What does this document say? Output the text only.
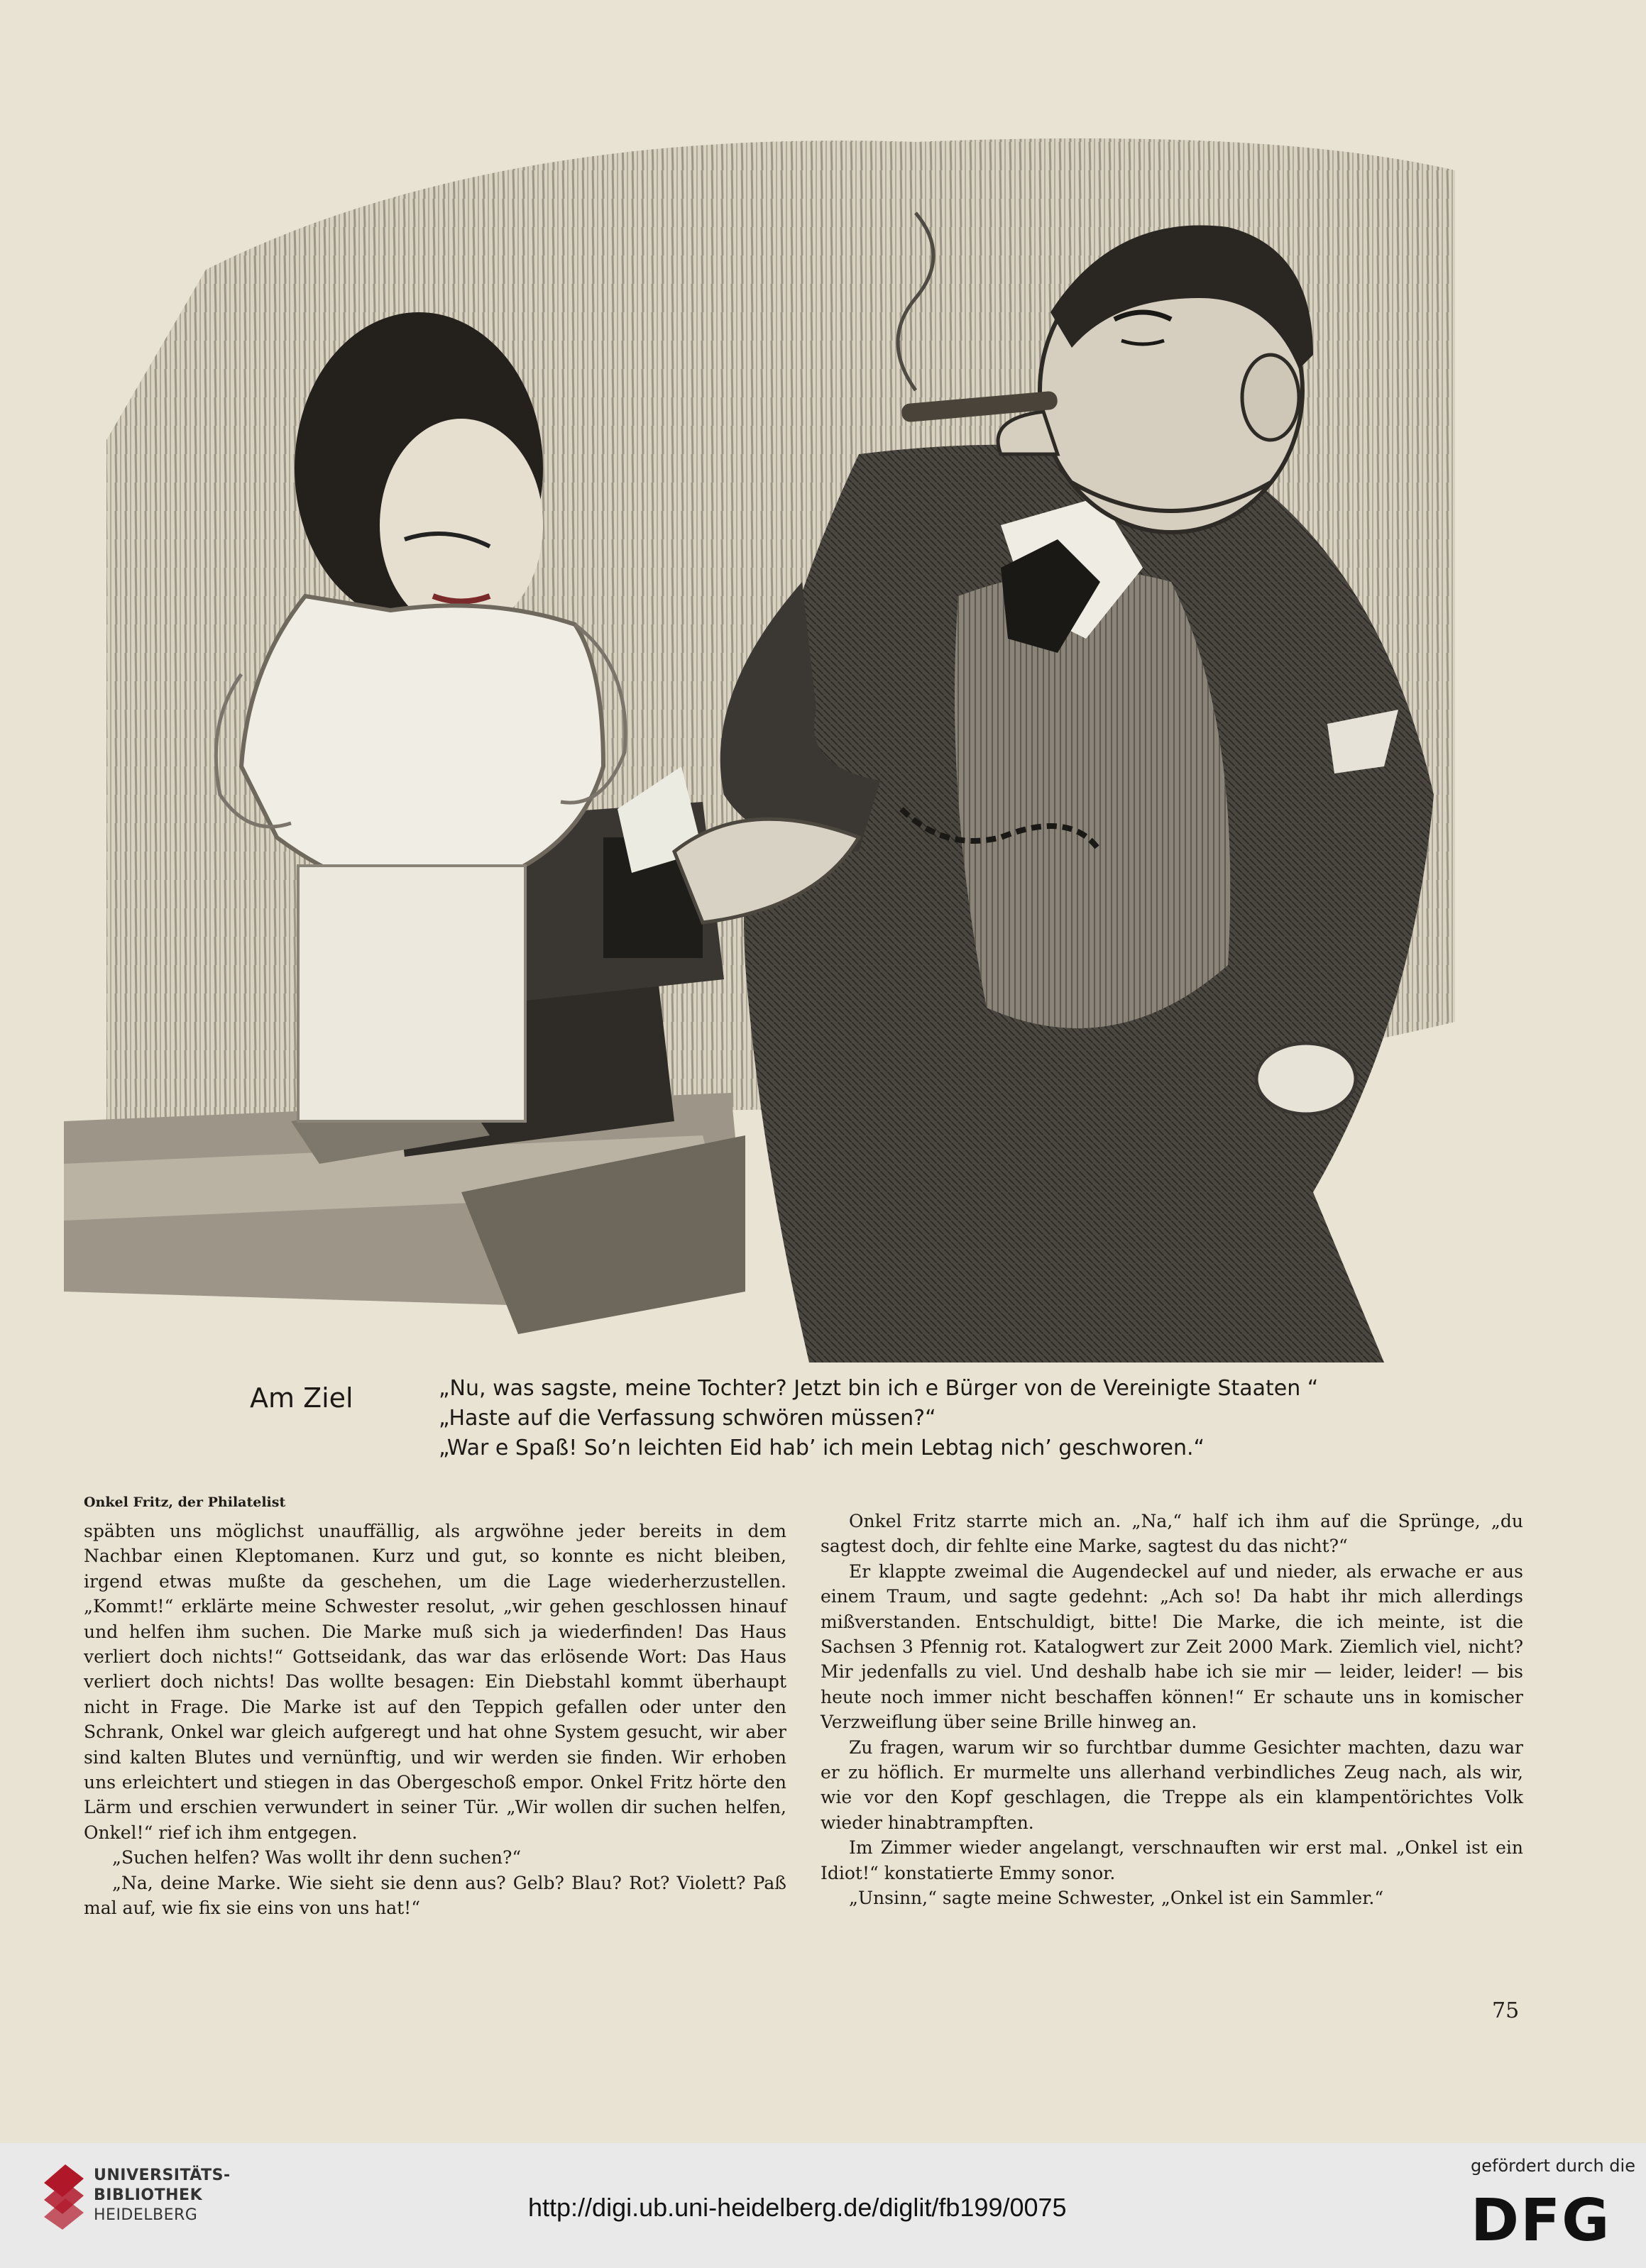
Am Ziel	„Nu, was sagste, meine Tochter? Jetzt bin ich e Bürger von de Vereinigte Staaten “
„Haste auf die Verfassung schwören müssen?“
„War e Spaß! So’n leichten Eid hab’ ich mein Lebtag nich’ geschworen.“
Onkel Fritz, der Philatelist

späbten uns möglichst unauffällig, als argwöhne jeder bereits in dem Nachbar einen Kleptomanen. Kurz und gut, so konnte es nicht bleiben, irgend etwas mußte da geschehen, um die Lage wiederherzustellen. „Kommt!“ erklärte meine Schwester resolut, „wir gehen geschlossen hinauf und helfen ihm suchen. Die Marke muß sich ja wiederfinden! Das Haus verliert doch nichts!“ Gottseidank, das war das erlösende Wort: Das Haus verliert doch nichts! Das wollte besagen: Ein Diebstahl kommt überhaupt nicht in Frage. Die Marke ist auf den Teppich gefallen oder unter den Schrank, Onkel war gleich aufgeregt und hat ohne System gesucht, wir aber sind kalten Blutes und vernünftig, und wir werden sie finden. Wir erhoben uns erleichtert und stiegen in das Obergeschoß empor. Onkel Fritz hörte den Lärm und erschien verwundert in seiner Tür. „Wir wollen dir suchen helfen, Onkel!“ rief ich ihm entgegen.

„Suchen helfen? Was wollt ihr denn suchen?“

„Na, deine Marke. Wie sieht sie denn aus? Gelb? Blau? Rot? Violett? Paß mal auf, wie fix sie eins von uns hat!“

Onkel Fritz starrte mich an. „Na,“ half ich ihm auf die Sprünge, „du sagtest doch, dir fehlte eine Marke, sagtest du das nicht?“

Er klappte zweimal die Augendeckel auf und nieder, als erwache er aus einem Traum, und sagte gedehnt: „Ach so! Da habt ihr mich allerdings mißverstanden. Entschuldigt, bitte! Die Marke, die ich meinte, ist die Sachsen 3 Pfennig rot. Katalogwert zur Zeit 2000 Mark. Ziemlich viel, nicht? Mir jedenfalls zu viel. Und deshalb habe ich sie mir — leider, leider! — bis heute noch immer nicht beschaffen können!“ Er schaute uns in komischer Verzweiflung über seine Brille hinweg an.

Zu fragen, warum wir so furchtbar dumme Gesichter machten, dazu war er zu höflich. Er murmelte uns allerhand verbindliches Zeug nach, als wir, wie vor den Kopf geschlagen, die Treppe als ein klampentörichtes Volk wieder hinabtrampften.

Im Zimmer wieder angelangt, verschnauften wir erst mal. „Onkel ist ein Idiot!“ konstatierte Emmy sonor.

„Unsinn,“ sagte meine Schwester, „Onkel ist ein Sammler.“

75
UNIVERSITÄTS-
BIBLIOTHEK
HEIDELBERG	http://digi.ub.uni-heidelberg.de/diglit/fb199/0075
gefördert durch die
DFG
